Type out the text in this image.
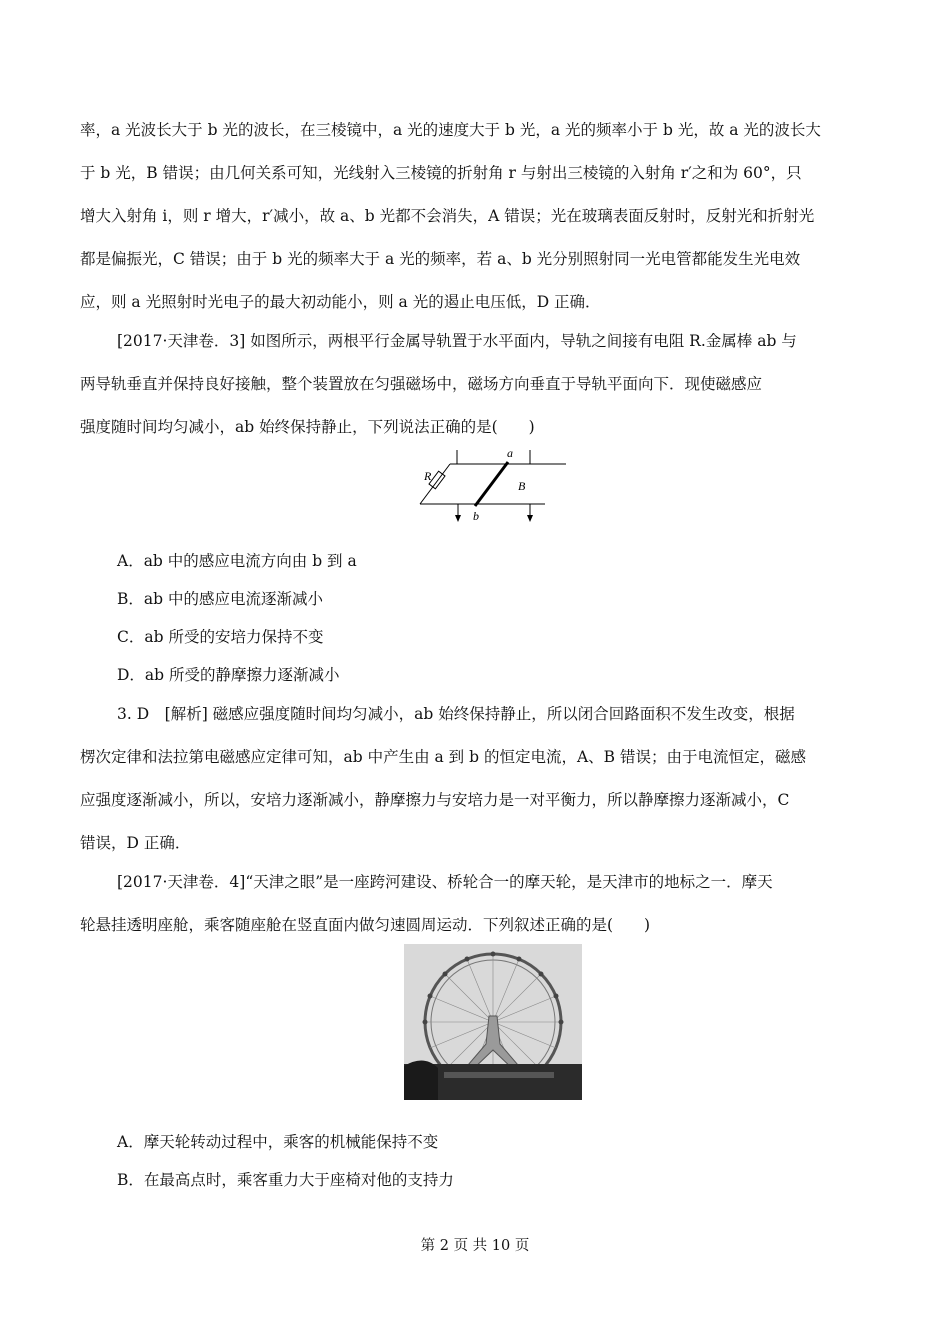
率，a 光波长大于 b 光的波长，在三棱镜中，a 光的速度大于 b 光，a 光的频率小于 b 光，故 a 光的波长大
于 b 光，B 错误；由几何关系可知，光线射入三棱镜的折射角 r 与射出三棱镜的入射角 r′之和为 60°，只
增大入射角 i，则 r 增大，r′减小，故 a、b 光都不会消失，A 错误；光在玻璃表面反射时，反射光和折射光
都是偏振光，C 错误；由于 b 光的频率大于 a 光的频率，若 a、b 光分别照射同一光电管都能发生光电效
应，则 a 光照射时光电子的最大初动能小，则 a 光的遏止电压低，D 正确．
[2017·天津卷．3] 如图所示，两根平行金属导轨置于水平面内，导轨之间接有电阻 R.金属棒 ab 与
两导轨垂直并保持良好接触，整个装置放在匀强磁场中，磁场方向垂直于导轨平面向下．现使磁感应
强度随时间均匀减小，ab 始终保持静止，下列说法正确的是(　　)
a
b
R
B
A．ab 中的感应电流方向由 b 到 a
B．ab 中的感应电流逐渐减小
C．ab 所受的安培力保持不变
D．ab 所受的静摩擦力逐渐减小
3. D　[解析] 磁感应强度随时间均匀减小，ab 始终保持静止，所以闭合回路面积不发生改变，根据
楞次定律和法拉第电磁感应定律可知，ab 中产生由 a 到 b 的恒定电流，A、B 错误；由于电流恒定，磁感
应强度逐渐减小，所以，安培力逐渐减小，静摩擦力与安培力是一对平衡力，所以静摩擦力逐渐减小，C
错误，D 正确．
[2017·天津卷．4]“天津之眼”是一座跨河建设、桥轮合一的摩天轮，是天津市的地标之一．摩天
轮悬挂透明座舱，乘客随座舱在竖直面内做匀速圆周运动．下列叙述正确的是(　　)
A．摩天轮转动过程中，乘客的机械能保持不变
B．在最高点时，乘客重力大于座椅对他的支持力
第 2 页 共 10 页
